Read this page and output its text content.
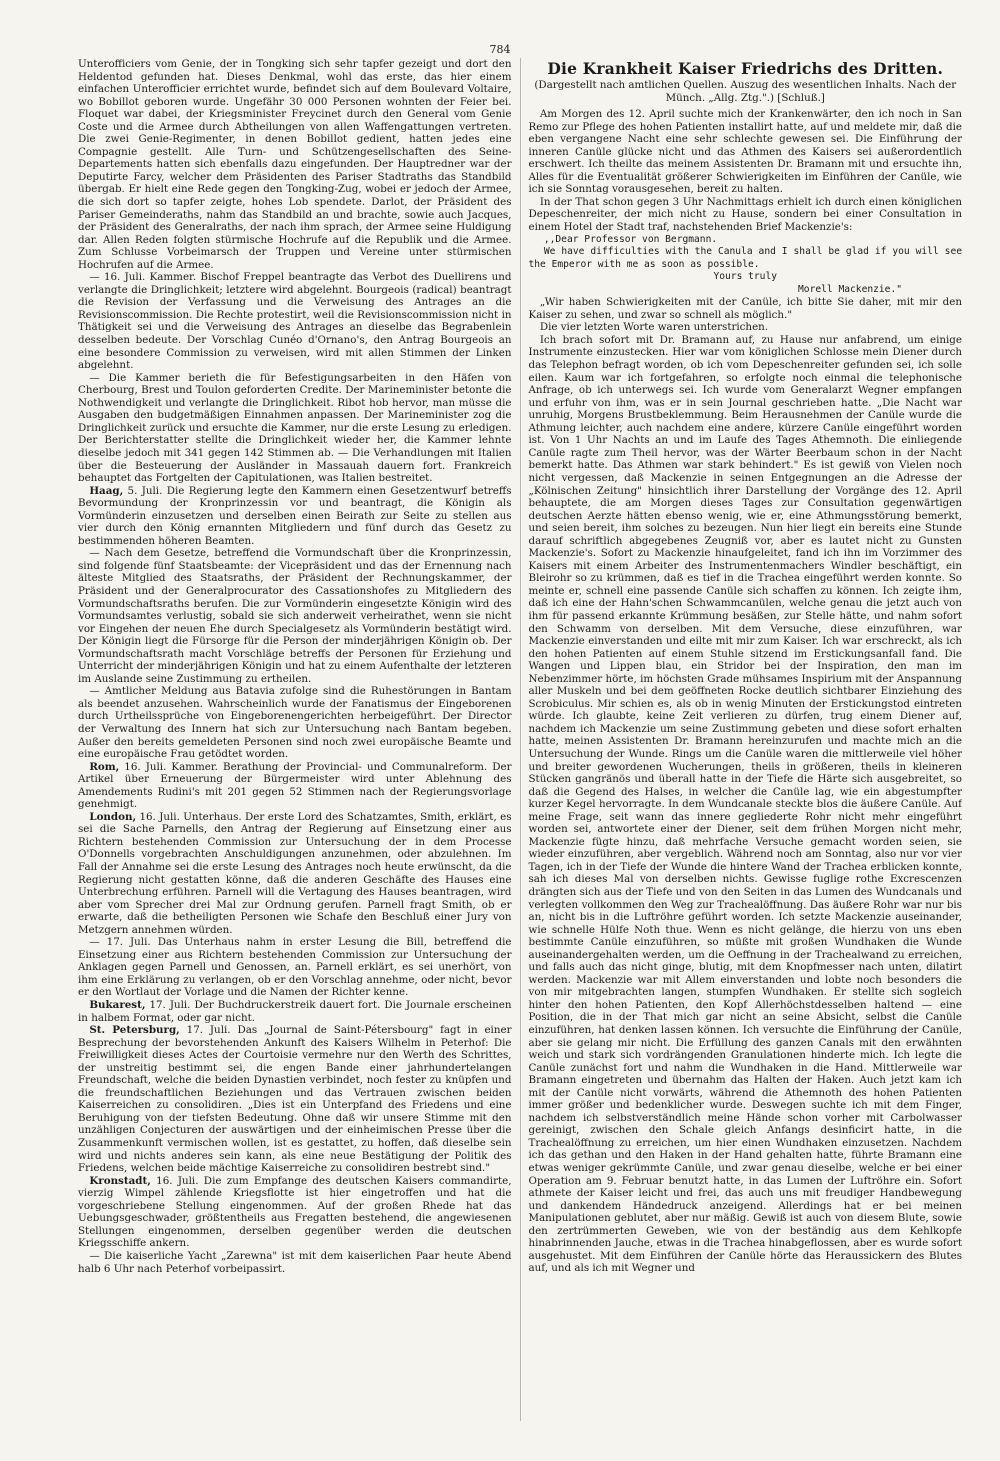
784

Unterofficiers vom Genie, der in Tongking sich sehr tapfer gezeigt und dort den Heldentod gefunden hat. Dieses Denkmal, wohl das erste, das hier einem einfachen Unterofficier errichtet wurde, befindet sich auf dem Boulevard Voltaire, wo Bobillot geboren wurde. Ungefähr 30 000 Personen wohnten der Feier bei. Floquet war dabei, der Kriegsminister Freycinet durch den General vom Genie Coste und die Armee durch Abtheilungen von allen Waffengattungen vertreten. Die zwei Genie-Regimenter, in denen Bobillot gedient, hatten jedes eine Compagnie gestellt. Alle Turn- und Schützengesellschaften des Seine-Departements hatten sich ebenfalls dazu eingefunden. Der Hauptredner war der Deputirte Farcy, welcher dem Präsidenten des Pariser Stadtraths das Standbild übergab. Er hielt eine Rede gegen den Tongking-Zug, wobei er jedoch der Armee, die sich dort so tapfer zeigte, hohes Lob spendete. Darlot, der Präsident des Pariser Gemeinderaths, nahm das Standbild an und brachte, sowie auch Jacques, der Präsident des Generalraths, der nach ihm sprach, der Armee seine Huldigung dar. Allen Reden folgten stürmische Hochrufe auf die Republik und die Armee. Zum Schlusse Vorbeimarsch der Truppen und Vereine unter stürmischen Hochrufen auf die Armee.

— 16. Juli. Kammer. Bischof Freppel beantragte das Verbot des Duellirens und verlangte die Dringlichkeit; letztere wird abgelehnt. Bourgeois (radical) beantragt die Revision der Verfassung und die Verweisung des Antrages an die Revisionscommission. Die Rechte protestirt, weil die Revisionscommission nicht in Thätigkeit sei und die Verweisung des Antrages an dieselbe das Begrabenlein desselben bedeute. Der Vorschlag Cunéo d'Ornano's, den Antrag Bourgeois an eine besondere Commission zu verweisen, wird mit allen Stimmen der Linken abgelehnt.

— Die Kammer berieth die für Befestigungsarbeiten in den Häfen von Cherbourg, Brest und Toulon geforderten Credite. Der Marineminister betonte die Nothwendigkeit und verlangte die Dringlichkeit. Ribot hob hervor, man müsse die Ausgaben den budgetmäßigen Einnahmen anpassen. Der Marineminister zog die Dringlichkeit zurück und ersuchte die Kammer, nur die erste Lesung zu erledigen. Der Berichterstatter stellte die Dringlichkeit wieder her, die Kammer lehnte dieselbe jedoch mit 341 gegen 142 Stimmen ab. — Die Verhandlungen mit Italien über die Besteuerung der Ausländer in Massauah dauern fort. Frankreich behauptet das Fortgelten der Capitulationen, was Italien bestreitet.

Haag, 5. Juli. Die Regierung legte den Kammern einen Gesetzentwurf betreffs Bevormundung der Kronprinzessin vor und beantragt, die Königin als Vormünderin einzusetzen und derselben einen Beirath zur Seite zu stellen aus vier durch den König ernannten Mitgliedern und fünf durch das Gesetz zu bestimmenden höheren Beamten.

— Nach dem Gesetze, betreffend die Vormundschaft über die Kronprinzessin, sind folgende fünf Staatsbeamte: der Vicepräsident und das der Ernennung nach älteste Mitglied des Staatsraths, der Präsident der Rechnungskammer, der Präsident und der Generalprocurator des Cassationshofes zu Mitgliedern des Vormundschaftsraths berufen. Die zur Vormünderin eingesetzte Königin wird des Vormundsamtes verlustig, sobald sie sich anderweit verheirathet, wenn sie nicht vor Eingehen der neuen Ehe durch Specialgesetz als Vormünderin bestätigt wird. Der Königin liegt die Fürsorge für die Person der minderjährigen Königin ob. Der Vormundschaftsrath macht Vorschläge betreffs der Personen für Erziehung und Unterricht der minderjährigen Königin und hat zu einem Aufenthalte der letzteren im Auslande seine Zustimmung zu ertheilen.

— Amtlicher Meldung aus Batavia zufolge sind die Ruhestörungen in Bantam als beendet anzusehen. Wahrscheinlich wurde der Fanatismus der Eingeborenen durch Urtheilssprüche von Eingeborenengerichten herbeigeführt. Der Director der Verwaltung des Innern hat sich zur Untersuchung nach Bantam begeben. Außer den bereits gemeldeten Personen sind noch zwei europäische Beamte und eine europäische Frau getödtet worden.

Rom, 16. Juli. Kammer. Berathung der Provincial- und Communalreform. Der Artikel über Erneuerung der Bürgermeister wird unter Ablehnung des Amendements Rudini's mit 201 gegen 52 Stimmen nach der Regierungsvorlage genehmigt.

London, 16. Juli. Unterhaus. Der erste Lord des Schatzamtes, Smith, erklärt, es sei die Sache Parnells, den Antrag der Regierung auf Einsetzung einer aus Richtern bestehenden Commission zur Untersuchung der in dem Processe O'Donnells vorgebrachten Anschuldigungen anzunehmen, oder abzulehnen. Im Fall der Annahme sei die erste Lesung des Antrages noch heute erwünscht, da die Regierung nicht gestatten könne, daß die anderen Geschäfte des Hauses eine Unterbrechung erführen. Parnell will die Vertagung des Hauses beantragen, wird aber vom Sprecher drei Mal zur Ordnung gerufen. Parnell fragt Smith, ob er erwarte, daß die betheiligten Personen wie Schafe den Beschluß einer Jury von Metzgern annehmen würden.

— 17. Juli. Das Unterhaus nahm in erster Lesung die Bill, betreffend die Einsetzung einer aus Richtern bestehenden Commission zur Untersuchung der Anklagen gegen Parnell und Genossen, an. Parnell erklärt, es sei unerhört, von ihm eine Erklärung zu verlangen, ob er den Vorschlag annehme, oder nicht, bevor er den Wortlaut der Vorlage und die Namen der Richter kenne.

Bukarest, 17. Juli. Der Buchdruckerstreik dauert fort. Die Journale erscheinen in halbem Format, oder gar nicht.

St. Petersburg, 17. Juli. Das „Journal de Saint-Pétersbourg" fagt in einer Besprechung der bevorstehenden Ankunft des Kaisers Wilhelm in Peterhof: Die Freiwilligkeit dieses Actes der Courtoisie vermehre nur den Werth des Schrittes, der unstreitig bestimmt sei, die engen Bande einer jahrhundertelangen Freundschaft, welche die beiden Dynastien verbindet, noch fester zu knüpfen und die freundschaftlichen Beziehungen und das Vertrauen zwischen beiden Kaiserreichen zu consolidiren. „Dies ist ein Unterpfand des Friedens und eine Beruhigung von der tiefsten Bedeutung. Ohne daß wir unsere Stimme mit den unzähligen Conjecturen der auswärtigen und der einheimischen Presse über die Zusammenkunft vermischen wollen, ist es gestattet, zu hoffen, daß dieselbe sein wird und nichts anderes sein kann, als eine neue Bestätigung der Politik des Friedens, welchen beide mächtige Kaiserreiche zu consolidiren bestrebt sind."

Kronstadt, 16. Juli. Die zum Empfange des deutschen Kaisers commandirte, vierzig Wimpel zählende Kriegsflotte ist hier eingetroffen und hat die vorgeschriebene Stellung eingenommen. Auf der großen Rhede hat das Uebungsgeschwader, größtentheils aus Fregatten bestehend, die angewiesenen Stellungen eingenommen, derselben gegenüber werden die deutschen Kriegsschiffe ankern.

— Die kaiserliche Yacht „Zarewna" ist mit dem kaiserlichen Paar heute Abend halb 6 Uhr nach Peterhof vorbeipassirt.

Die Krankheit Kaiser Friedrichs des Dritten.

(Dargestellt nach amtlichen Quellen. Auszug des wesentlichen Inhalts. Nach der Münch. „Allg. Ztg.".) [Schluß.]

Am Morgen des 12. April suchte mich der Krankenwärter, den ich noch in San Remo zur Pflege des hohen Patienten installirt hatte, auf und meldete mir, daß die eben vergangene Nacht eine sehr schlechte gewesen sei. Die Einführung der inneren Canüle glücke nicht und das Athmen des Kaisers sei außerordentlich erschwert. Ich theilte das meinem Assistenten Dr. Bramann mit und ersuchte ihn, Alles für die Eventualität größerer Schwierigkeiten im Einführen der Canüle, wie ich sie Sonntag vorausgesehen, bereit zu halten.

In der That schon gegen 3 Uhr Nachmittags erhielt ich durch einen königlichen Depeschenreiter, der mich nicht zu Hause, sondern bei einer Consultation in einem Hotel der Stadt traf, nachstehenden Brief Mackenzie's:

,,Dear Professor von Bergmann.

We have difficulties with the Canula and I shall be glad if you will see the Emperor with me as soon as possible.

Yours truly

Morell Mackenzie."

„Wir haben Schwierigkeiten mit der Canüle, ich bitte Sie daher, mit mir den Kaiser zu sehen, und zwar so schnell als möglich."

Die vier letzten Worte waren unterstrichen.

Ich brach sofort mit Dr. Bramann auf, zu Hause nur anfabrend, um einige Instrumente einzustecken. Hier war vom königlichen Schlosse mein Diener durch das Telephon befragt worden, ob ich vom Depeschenreiter gefunden sei, ich solle eilen. Kaum war ich fortgefahren, so erfolgte noch einmal die telephonische Anfrage, ob ich unterwegs sei. Ich wurde vom Generalarzt Wegner empfangen und erfuhr von ihm, was er in sein Journal geschrieben hatte. „Die Nacht war unruhig, Morgens Brustbeklemmung. Beim Herausnehmen der Canüle wurde die Athmung leichter, auch nachdem eine andere, kürzere Canüle eingeführt worden ist. Von 1 Uhr Nachts an und im Laufe des Tages Athemnoth. Die einliegende Canüle ragte zum Theil hervor, was der Wärter Beerbaum schon in der Nacht bemerkt hatte. Das Athmen war stark behindert." Es ist gewiß von Vielen noch nicht vergessen, daß Mackenzie in seinen Entgegnungen an die Adresse der „Kölnischen Zeitung" hinsichtlich ihrer Darstellung der Vorgänge des 12. April behauptete, die am Morgen dieses Tages zur Consultation gegenwärtigen deutschen Aerzte hätten ebenso wenig, wie er, eine Athmungsstörung bemerkt, und seien bereit, ihm solches zu bezeugen. Nun hier liegt ein bereits eine Stunde darauf schriftlich abgegebenes Zeugniß vor, aber es lautet nicht zu Gunsten Mackenzie's. Sofort zu Mackenzie hinaufgeleitet, fand ich ihn im Vorzimmer des Kaisers mit einem Arbeiter des Instrumentenmachers Windler beschäftigt, ein Bleirohr so zu krümmen, daß es tief in die Trachea eingeführt werden konnte. So meinte er, schnell eine passende Canüle sich schaffen zu können. Ich zeigte ihm, daß ich eine der Hahn'schen Schwammcanülen, welche genau die jetzt auch von ihm für passend erkannte Krümmung besäßen, zur Stelle hätte, und nahm sofort den Schwamm von derselben. Mit dem Versuche, diese einzuführen, war Mackenzie einverstanden und eilte mit mir zum Kaiser. Ich war erschreckt, als ich den hohen Patienten auf einem Stuhle sitzend im Erstickungsanfall fand. Die Wangen und Lippen blau, ein Stridor bei der Inspiration, den man im Nebenzimmer hörte, im höchsten Grade mühsames Inspirium mit der Anspannung aller Muskeln und bei dem geöffneten Rocke deutlich sichtbarer Einziehung des Scrobiculus. Mir schien es, als ob in wenig Minuten der Erstickungstod eintreten würde. Ich glaubte, keine Zeit verlieren zu dürfen, trug einem Diener auf, nachdem ich Mackenzie um seine Zustimmung gebeten und diese sofort erhalten hatte, meinen Assistenten Dr. Bramann hereinzurufen und machte mich an die Untersuchung der Wunde. Rings um die Canüle waren die mittlerweile viel höher und breiter gewordenen Wucherungen, theils in größeren, theils in kleineren Stücken gangränös und überall hatte in der Tiefe die Härte sich ausgebreitet, so daß die Gegend des Halses, in welcher die Canüle lag, wie ein abgestumpfter kurzer Kegel hervorragte. In dem Wundcanale steckte blos die äußere Canüle. Auf meine Frage, seit wann das innere gegliederte Rohr nicht mehr eingeführt worden sei, antwortete einer der Diener, seit dem frühen Morgen nicht mehr, Mackenzie fügte hinzu, daß mehrfache Versuche gemacht worden seien, sie wieder einzuführen, aber vergeblich. Während noch am Sonntag, also nur vor vier Tagen, ich in der Tiefe der Wunde die hintere Wand der Trachea erblicken konnte, sah ich dieses Mal von derselben nichts. Gewisse fuglige rothe Excrescenzen drängten sich aus der Tiefe und von den Seiten in das Lumen des Wundcanals und verlegten vollkommen den Weg zur Trachealöffnung. Das äußere Rohr war nur bis an, nicht bis in die Luftröhre geführt worden. Ich setzte Mackenzie auseinander, wie schnelle Hülfe Noth thue. Wenn es nicht gelänge, die hierzu von uns eben bestimmte Canüle einzuführen, so müßte mit großen Wundhaken die Wunde auseinandergehalten werden, um die Oeffnung in der Trachealwand zu erreichen, und falls auch das nicht ginge, blutig, mit dem Knopfmesser nach unten, dilatirt werden. Mackenzie war mit Allem einverstanden und lobte noch besonders die von mir mitgebrachten langen, stumpfen Wundhaken. Er stellte sich sogleich hinter den hohen Patienten, den Kopf Allerhöchstdesselben haltend — eine Position, die in der That mich gar nicht an seine Absicht, selbst die Canüle einzuführen, hat denken lassen können. Ich versuchte die Einführung der Canüle, aber sie gelang mir nicht. Die Erfüllung des ganzen Canals mit den erwähnten weich und stark sich vordrängenden Granulationen hinderte mich. Ich legte die Canüle zunächst fort und nahm die Wundhaken in die Hand. Mittlerweile war Bramann eingetreten und übernahm das Halten der Haken. Auch jetzt kam ich mit der Canüle nicht vorwärts, während die Athemnoth des hohen Patienten immer größer und bedenklicher wurde. Deswegen suchte ich mit dem Finger, nachdem ich selbstverständlich meine Hände schon vorher mit Carbolwasser gereinigt, zwischen den Schale gleich Anfangs desinficirt hatte, in die Trachealöffnung zu erreichen, um hier einen Wundhaken einzusetzen. Nachdem ich das gethan und den Haken in der Hand gehalten hatte, führte Bramann eine etwas weniger gekrümmte Canüle, und zwar genau dieselbe, welche er bei einer Operation am 9. Februar benutzt hatte, in das Lumen der Luftröhre ein. Sofort athmete der Kaiser leicht und frei, das auch uns mit freudiger Handbewegung und dankendem Händedruck anzeigend. Allerdings hat er bei meinen Manipulationen geblutet, aber nur mäßig. Gewiß ist auch von diesem Blute, sowie den zertrümmerten Geweben, wie von der beständig aus dem Kehlkopfe hinabrinnenden Jauche, etwas in die Trachea hinabgeflossen, aber es wurde sofort ausgehustet. Mit dem Einführen der Canüle hörte das Heraussickern des Blutes auf, und als ich mit Wegner und
